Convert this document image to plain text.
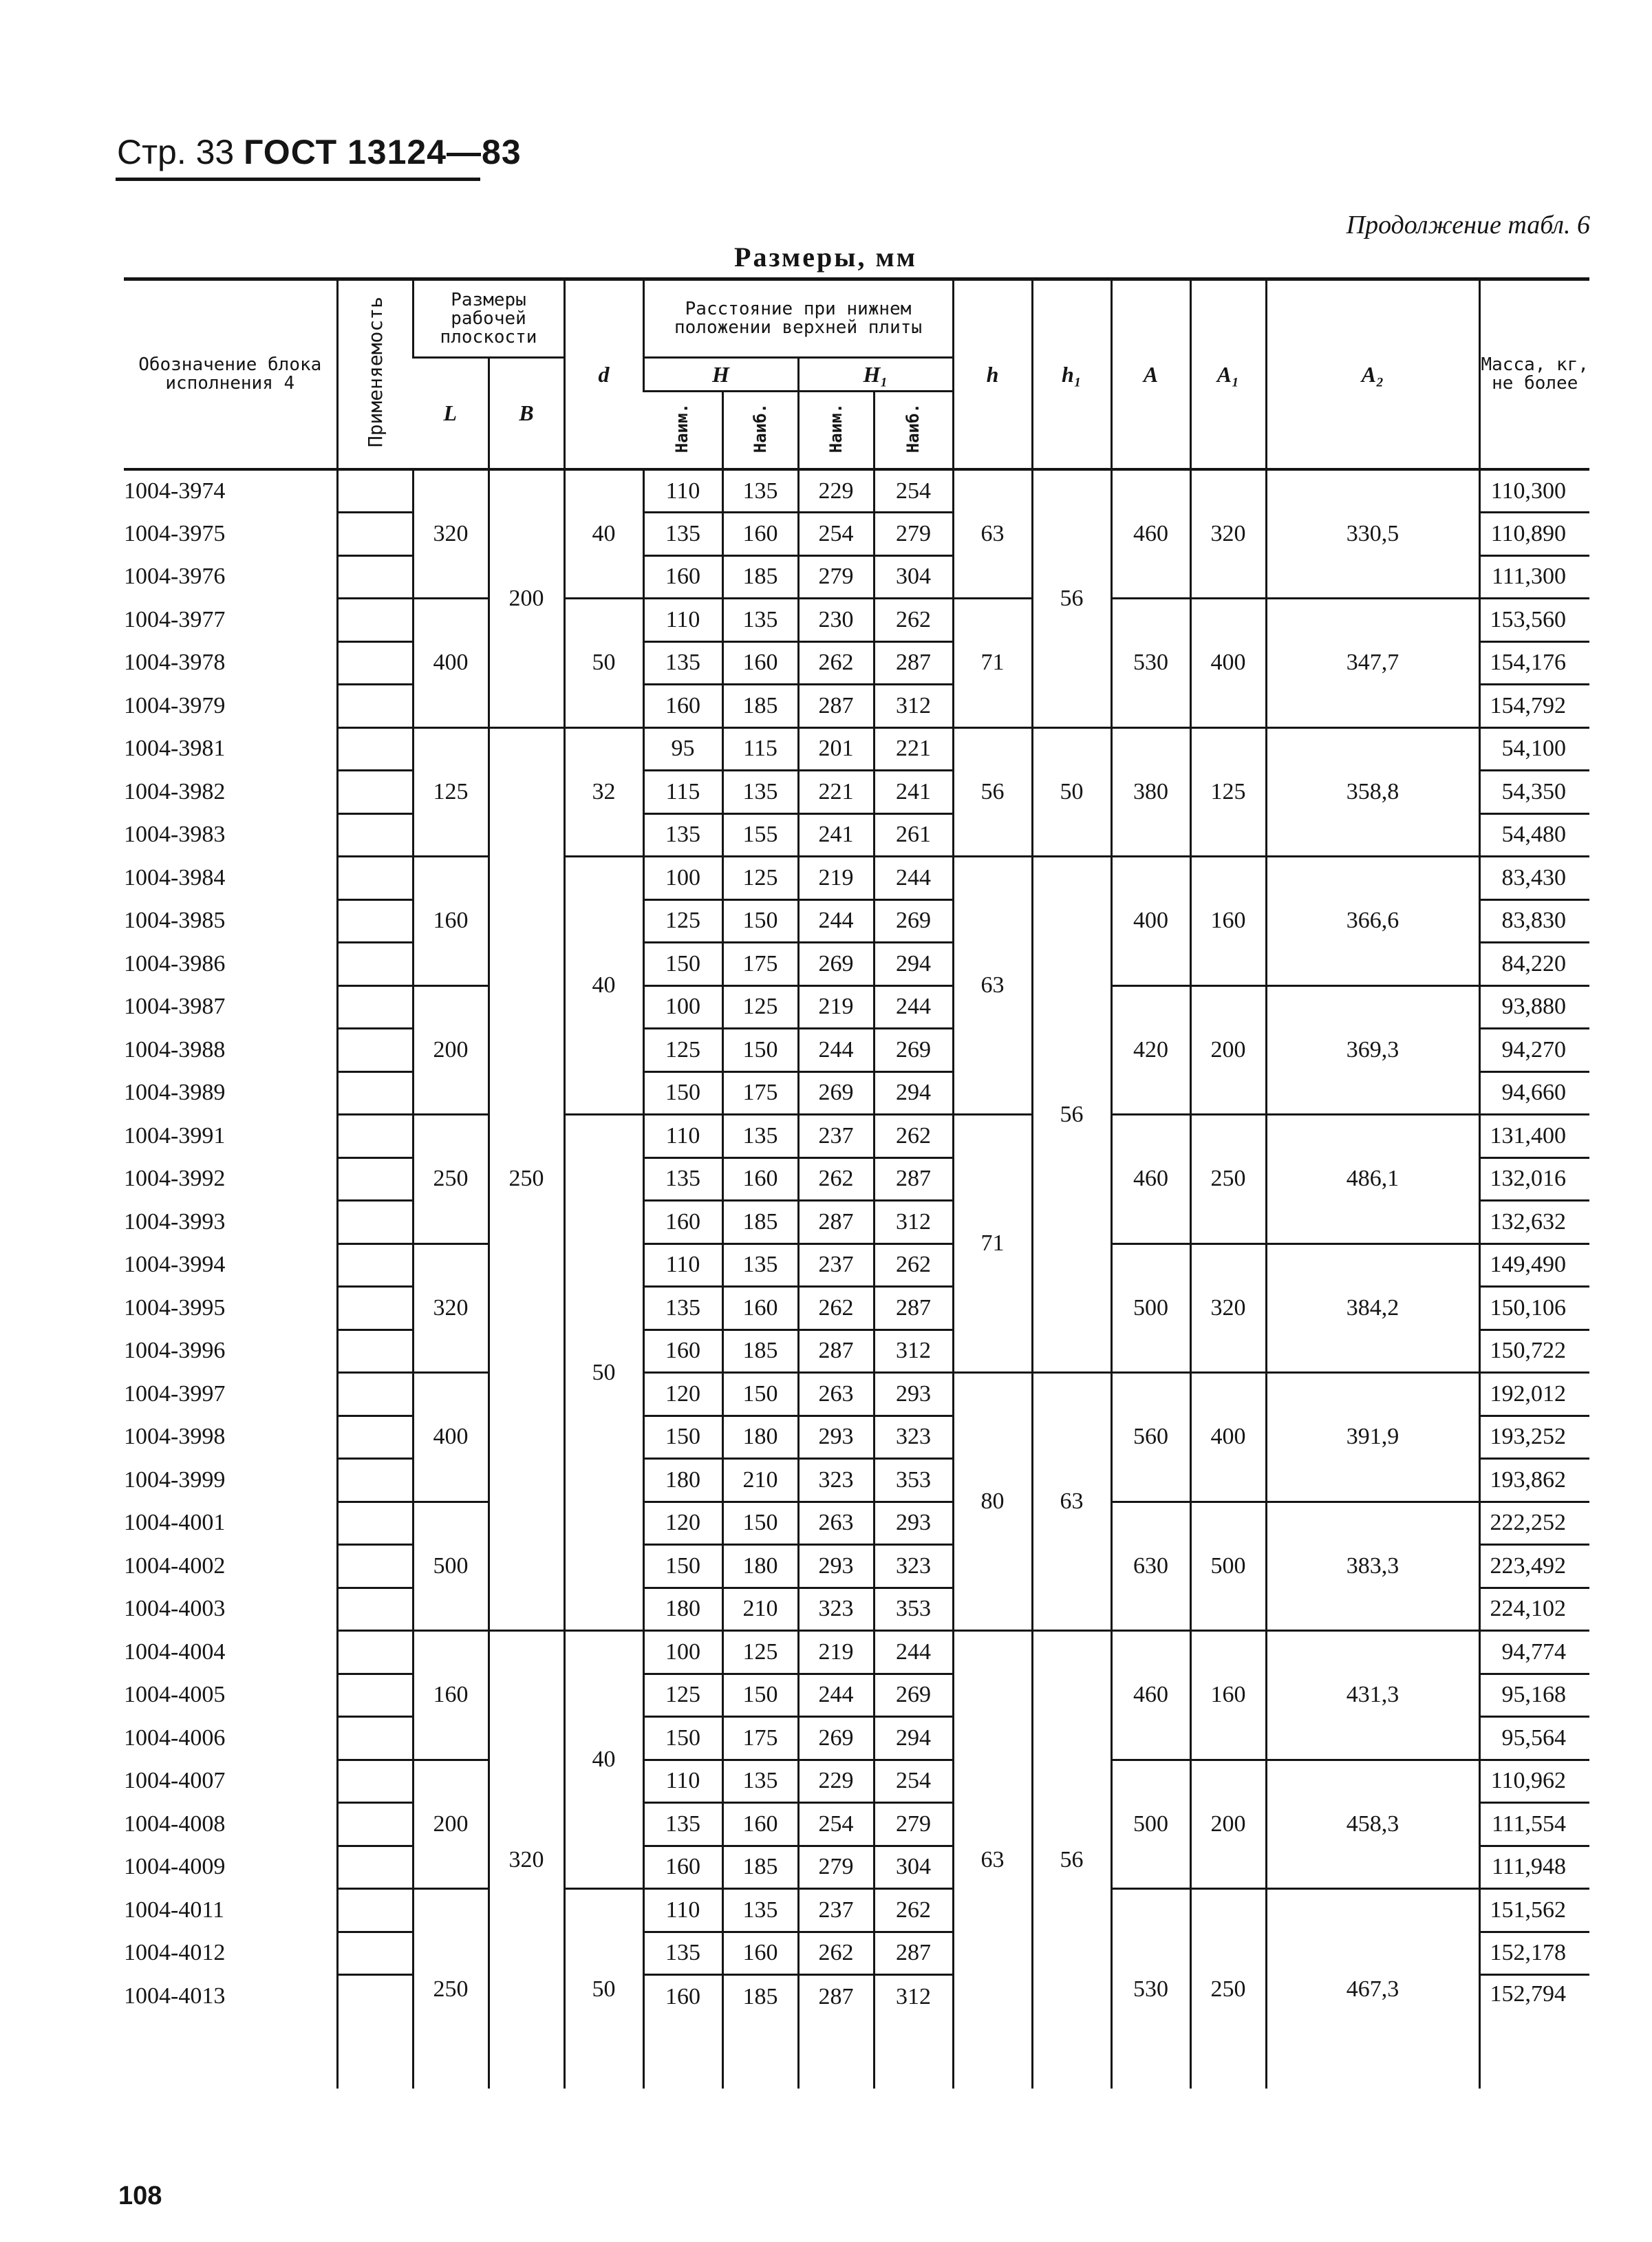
Стр. 33 ГОСТ 13124—83
Продолжение табл. 6
Размеры, мм
Обозначение блока исполнения 4	Применяемость	Размеры рабочей плоскости		d	Расстояние при нижнем положении верхней плиты				h	h₁	A	A₁	A₂	Масса, кг, не более
		L	B		H		H₁							
					Наим.	Наиб.	Наим.	Наиб.						
1004-3974		320	200	40	110	135	229	254	63	56	460	320	330,5	110,300
1004-3975					135	160	254	279						110,890
1004-3976					160	185	279	304						111,300
1004-3977		400		50	110	135	230	262	71		530	400	347,7	153,560
1004-3978					135	160	262	287						154,176
1004-3979					160	185	287	312						154,792
1004-3981		125	250	32	95	115	201	221	56	50	380	125	358,8	54,100
1004-3982					115	135	221	241						54,350
1004-3983					135	155	241	261						54,480
1004-3984		160		40	100	125	219	244	63	56	400	160	366,6	83,430
1004-3985					125	150	244	269						83,830
1004-3986					150	175	269	294						84,220
1004-3987		200			100	125	219	244			420	200	369,3	93,880
1004-3988					125	150	244	269						94,270
1004-3989					150	175	269	294						94,660
1004-3991		250		50	110	135	237	262	71		460	250	486,1	131,400
1004-3992					135	160	262	287						132,016
1004-3993					160	185	287	312						132,632
1004-3994		320			110	135	237	262			500	320	384,2	149,490
1004-3995					135	160	262	287						150,106
1004-3996					160	185	287	312						150,722
1004-3997		400			120	150	263	293	80	63	560	400	391,9	192,012
1004-3998					150	180	293	323						193,252
1004-3999					180	210	323	353						193,862
1004-4001		500			120	150	263	293			630	500	383,3	222,252
1004-4002					150	180	293	323						223,492
1004-4003					180	210	323	353						224,102
1004-4004		160	320	40	100	125	219	244	63	56	460	160	431,3	94,774
1004-4005					125	150	244	269						95,168
1004-4006					150	175	269	294						95,564
1004-4007		200			110	135	229	254			500	200	458,3	110,962
1004-4008					135	160	254	279						111,554
1004-4009					160	185	279	304						111,948
1004-4011		250		50	110	135	237	262			530	250	467,3	151,562
1004-4012					135	160	262	287						152,178
1004-4013					160	185	287	312						152,794
108
